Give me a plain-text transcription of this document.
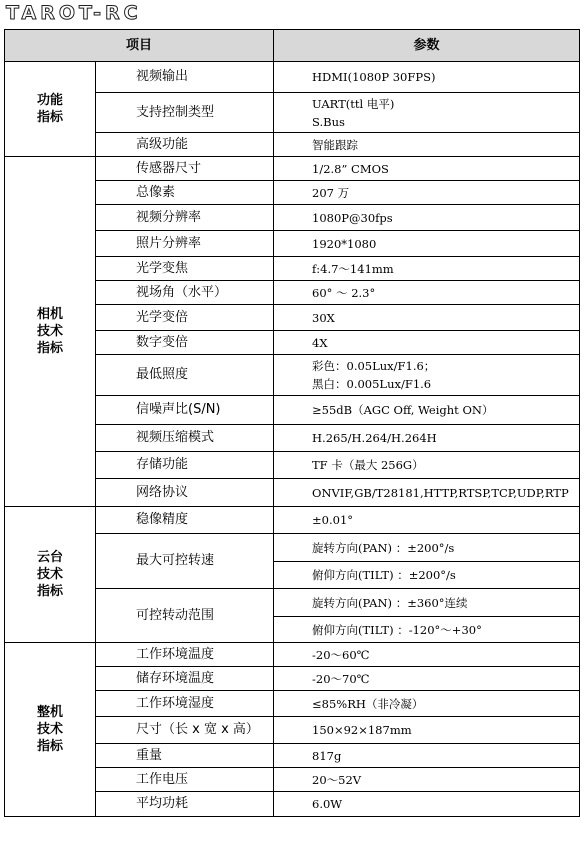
TAROT-RC
项目		参数

功能
指标	视频输出	HDMI(1080P 30FPS)

	支持控制类型	UART(ttl 电平)
S.Bus

	高级功能	智能跟踪

相机
技术
指标	传感器尺寸	1/2.8” CMOS

	总像素	207 万

	视频分辨率	1080P@30fps

	照片分辨率	1920*1080

	光学变焦	f:4.7～141mm

	视场角（水平）	60° ～ 2.3°

	光学变倍	30X

	数字变倍	4X

	最低照度	彩色：0.05Lux/F1.6；
黑白：0.005Lux/F1.6

	信噪声比(S/N)	≥55dB（AGC Off, Weight ON）

	视频压缩模式	H.265/H.264/H.264H

	存储功能	TF 卡（最大 256G）

	网络协议	ONVIF,GB/T28181,HTTP,RTSP,TCP,UDP,RTP

云台
技术
指标	稳像精度	±0.01°

	最大可控转速	旋转方向(PAN) ：±200°/s
		俯仰方向(TILT) ：±200°/s
	可控转动范围	旋转方向(PAN) ：±360°连续
		俯仰方向(TILT) ：-120°～+30°

整机
技术
指标	工作环境温度	-20～60℃

	储存环境温度	-20～70℃

	工作环境湿度	≤85%RH（非冷凝）

	尺寸（长 x 宽 x 高）	150×92×187mm

	重量	817g

	工作电压	20～52V

	平均功耗	6.0W
